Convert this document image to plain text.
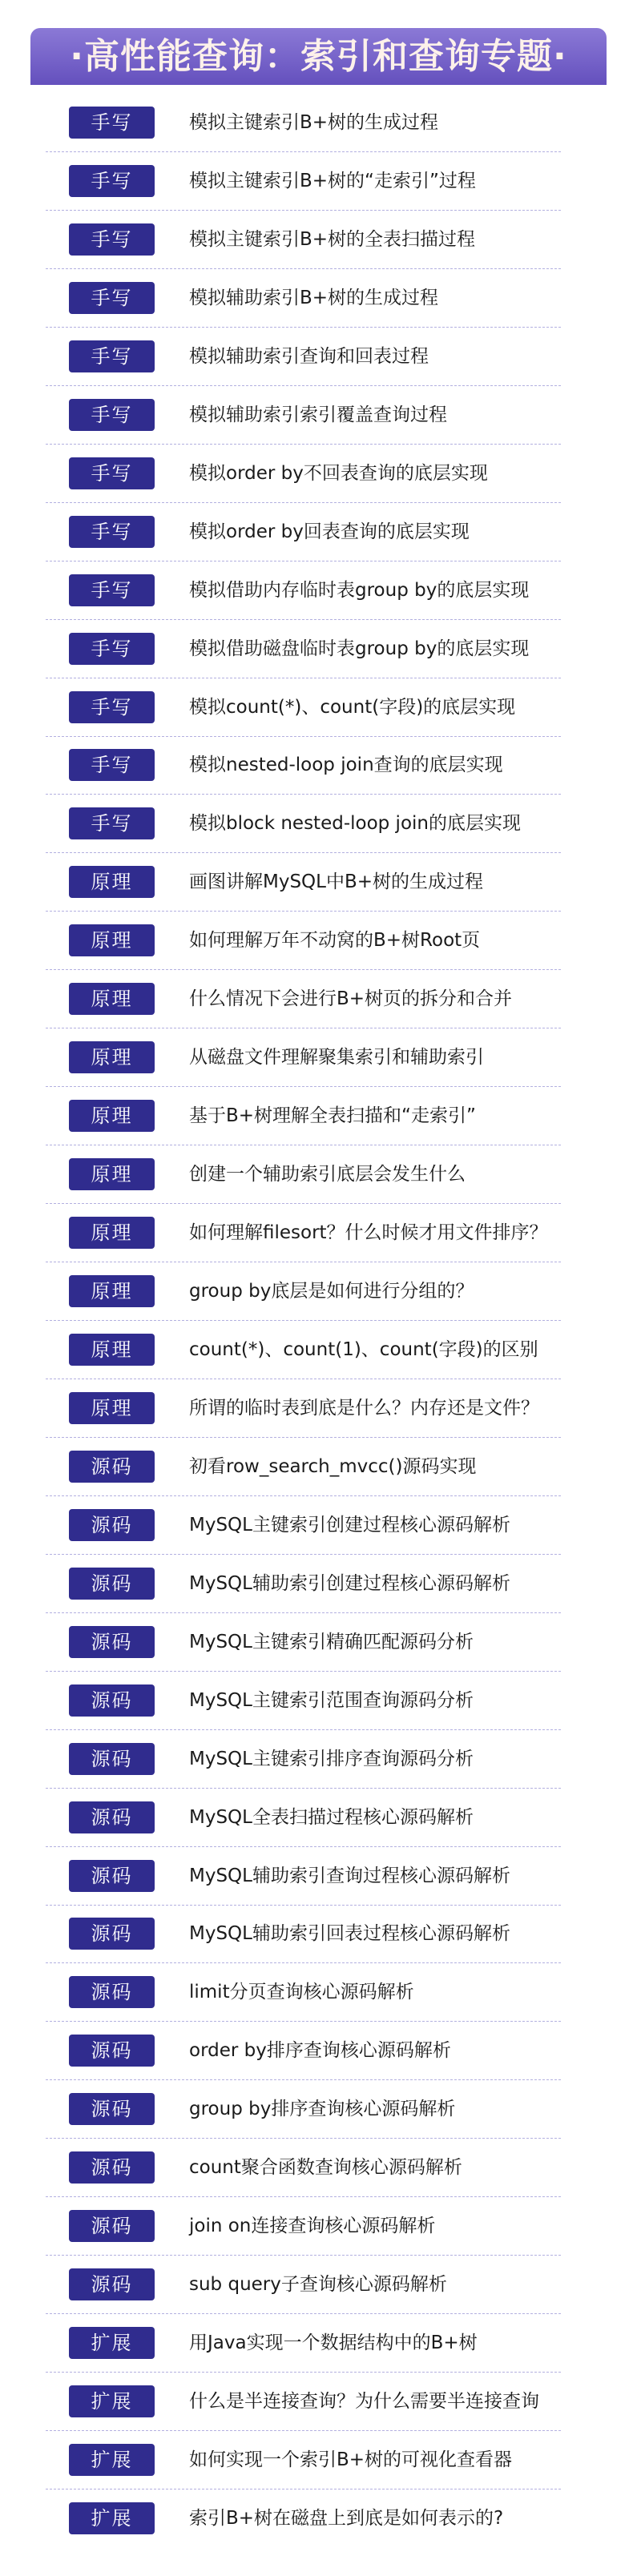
·高性能查询：索引和查询专题·
手写	模拟主键索引B+树的生成过程
手写	模拟主键索引B+树的“走索引”过程
手写	模拟主键索引B+树的全表扫描过程
手写	模拟辅助索引B+树的生成过程
手写	模拟辅助索引查询和回表过程
手写	模拟辅助索引索引覆盖查询过程
手写	模拟order by不回表查询的底层实现
手写	模拟order by回表查询的底层实现
手写	模拟借助内存临时表group by的底层实现
手写	模拟借助磁盘临时表group by的底层实现
手写	模拟count(*)、count(字段)的底层实现
手写	模拟nested-loop join查询的底层实现
手写	模拟block nested-loop join的底层实现
原理	画图讲解MySQL中B+树的生成过程
原理	如何理解万年不动窝的B+树Root页
原理	什么情况下会进行B+树页的拆分和合并
原理	从磁盘文件理解聚集索引和辅助索引
原理	基于B+树理解全表扫描和“走索引”
原理	创建一个辅助索引底层会发生什么
原理	如何理解filesort？什么时候才用文件排序？
原理	group by底层是如何进行分组的？
原理	count(*)、count(1)、count(字段)的区别
原理	所谓的临时表到底是什么？内存还是文件？
源码	初看row_search_mvcc()源码实现
源码	MySQL主键索引创建过程核心源码解析
源码	MySQL辅助索引创建过程核心源码解析
源码	MySQL主键索引精确匹配源码分析
源码	MySQL主键索引范围查询源码分析
源码	MySQL主键索引排序查询源码分析
源码	MySQL全表扫描过程核心源码解析
源码	MySQL辅助索引查询过程核心源码解析
源码	MySQL辅助索引回表过程核心源码解析
源码	limit分页查询核心源码解析
源码	order by排序查询核心源码解析
源码	group by排序查询核心源码解析
源码	count聚合函数查询核心源码解析
源码	join on连接查询核心源码解析
源码	sub query子查询核心源码解析
扩展	用Java实现一个数据结构中的B+树
扩展	什么是半连接查询？为什么需要半连接查询
扩展	如何实现一个索引B+树的可视化查看器
扩展	索引B+树在磁盘上到底是如何表示的?
